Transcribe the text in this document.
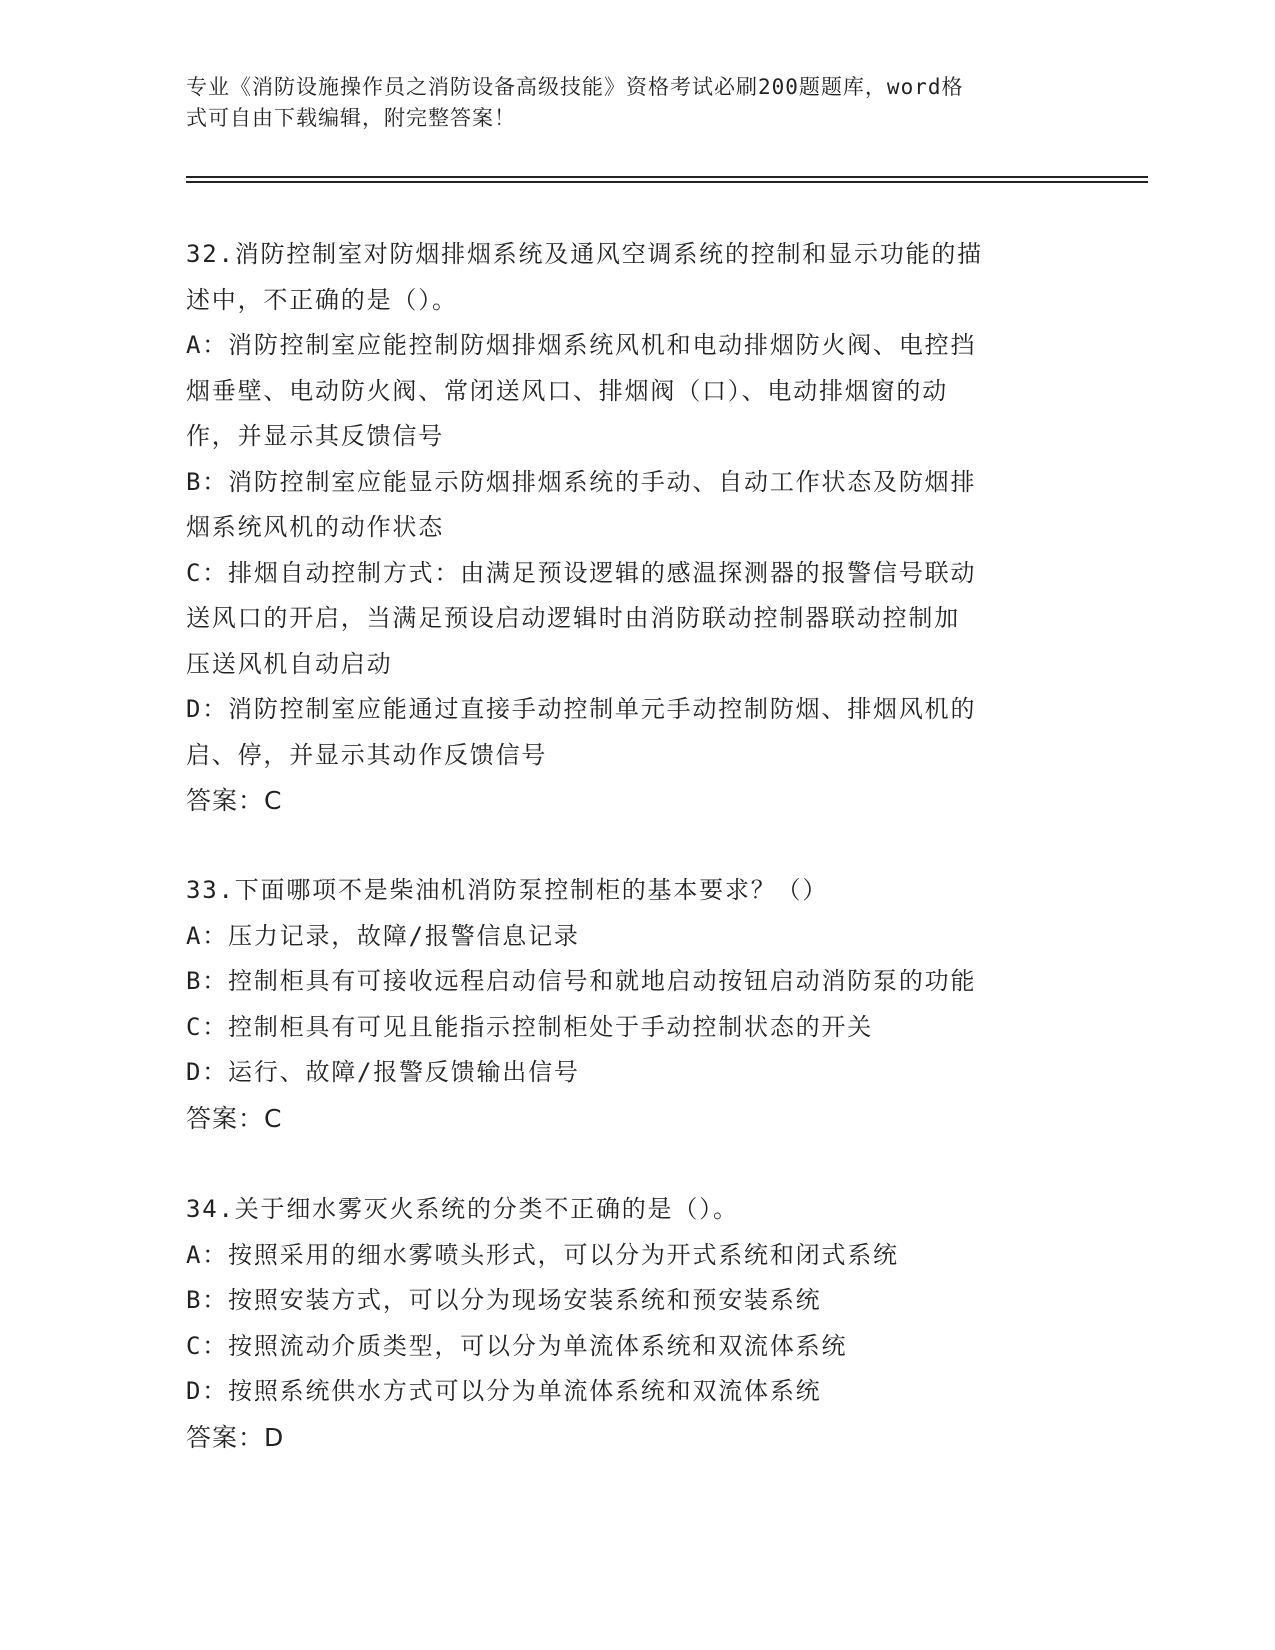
专业《消防设施操作员之消防设备高级技能》资格考试必刷200题题库，word格
式可自由下载编辑，附完整答案！

32.消防控制室对防烟排烟系统及通风空调系统的控制和显示功能的描

述中，不正确的是（）。

A：消防控制室应能控制防烟排烟系统风机和电动排烟防火阀、电控挡

烟垂壁、电动防火阀、常闭送风口、排烟阀（口）、电动排烟窗的动

作，并显示其反馈信号

B：消防控制室应能显示防烟排烟系统的手动、自动工作状态及防烟排

烟系统风机的动作状态

C：排烟自动控制方式：由满足预设逻辑的感温探测器的报警信号联动

送风口的开启，当满足预设启动逻辑时由消防联动控制器联动控制加

压送风机自动启动

D：消防控制室应能通过直接手动控制单元手动控制防烟、排烟风机的

启、停，并显示其动作反馈信号

答案：C

33.下面哪项不是柴油机消防泵控制柜的基本要求？（）

A：压力记录，故障/报警信息记录

B：控制柜具有可接收远程启动信号和就地启动按钮启动消防泵的功能

C：控制柜具有可见且能指示控制柜处于手动控制状态的开关

D：运行、故障/报警反馈输出信号

答案：C

34.关于细水雾灭火系统的分类不正确的是（）。

A：按照采用的细水雾喷头形式，可以分为开式系统和闭式系统

B：按照安装方式，可以分为现场安装系统和预安装系统

C：按照流动介质类型，可以分为单流体系统和双流体系统

D：按照系统供水方式可以分为单流体系统和双流体系统

答案：D
